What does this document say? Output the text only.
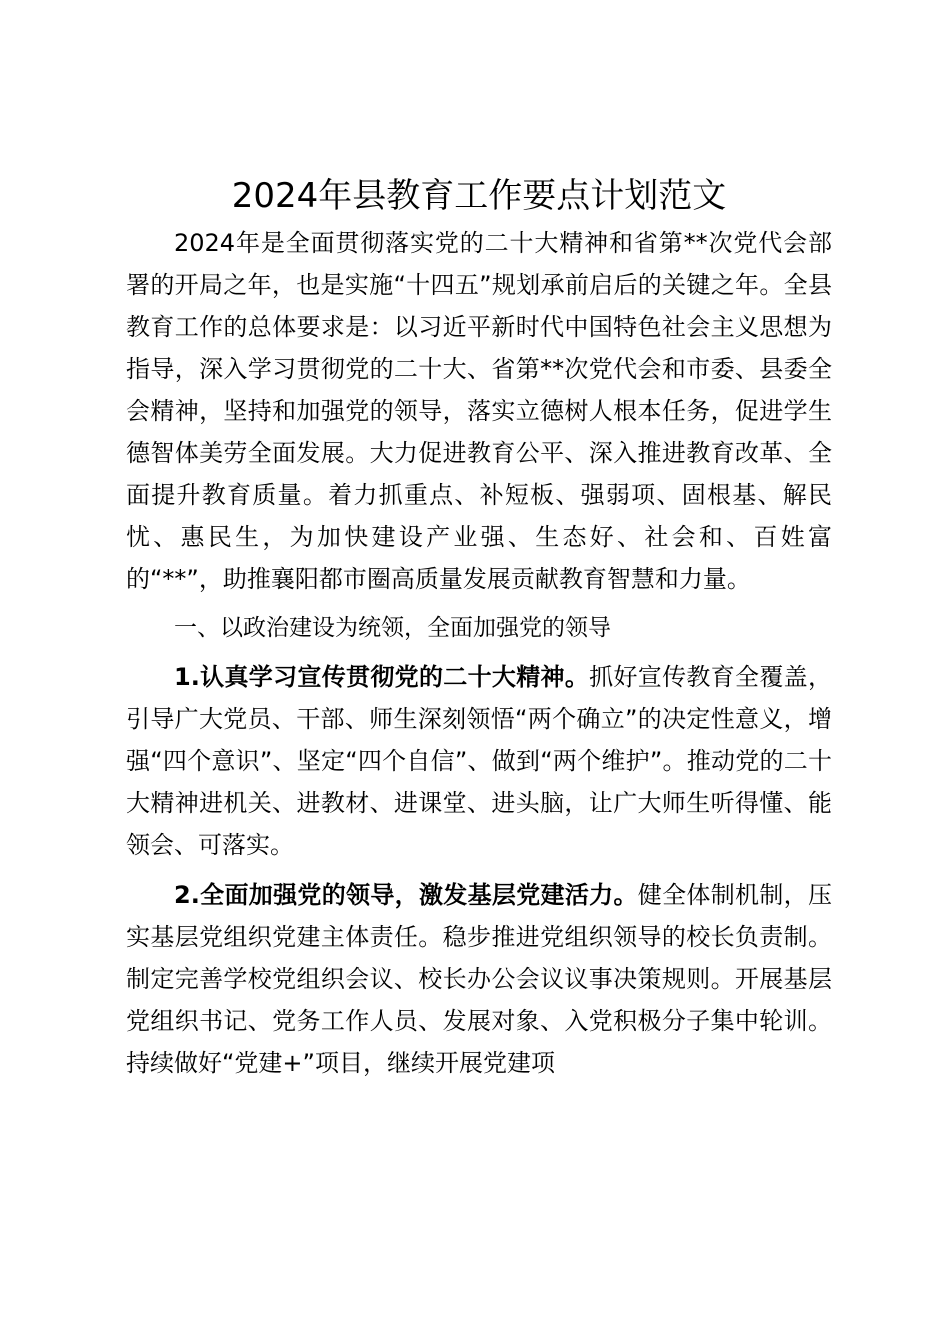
2024年县教育工作要点计划范文

2024年是全面贯彻落实党的二十大精神和省第**次党代会部署的开局之年，也是实施“十四五”规划承前启后的关键之年。全县教育工作的总体要求是：以习近平新时代中国特色社会主义思想为指导，深入学习贯彻党的二十大、省第**次党代会和市委、县委全会精神，坚持和加强党的领导，落实立德树人根本任务，促进学生德智体美劳全面发展。大力促进教育公平、深入推进教育改革、全面提升教育质量。着力抓重点、补短板、强弱项、固根基、解民忧、惠民生，为加快建设产业强、生态好、社会和、百姓富的“**”，助推襄阳都市圈高质量发展贡献教育智慧和力量。

一、以政治建设为统领，全面加强党的领导

1.认真学习宣传贯彻党的二十大精神。抓好宣传教育全覆盖，引导广大党员、干部、师生深刻领悟“两个确立”的决定性意义，增强“四个意识”、坚定“四个自信”、做到“两个维护”。推动党的二十大精神进机关、进教材、进课堂、进头脑，让广大师生听得懂、能领会、可落实。

2.全面加强党的领导，激发基层党建活力。健全体制机制，压实基层党组织党建主体责任。稳步推进党组织领导的校长负责制。制定完善学校党组织会议、校长办公会议议事决策规则。开展基层党组织书记、党务工作人员、发展对象、入党积极分子集中轮训。持续做好“党建+”项目，继续开展党建项
